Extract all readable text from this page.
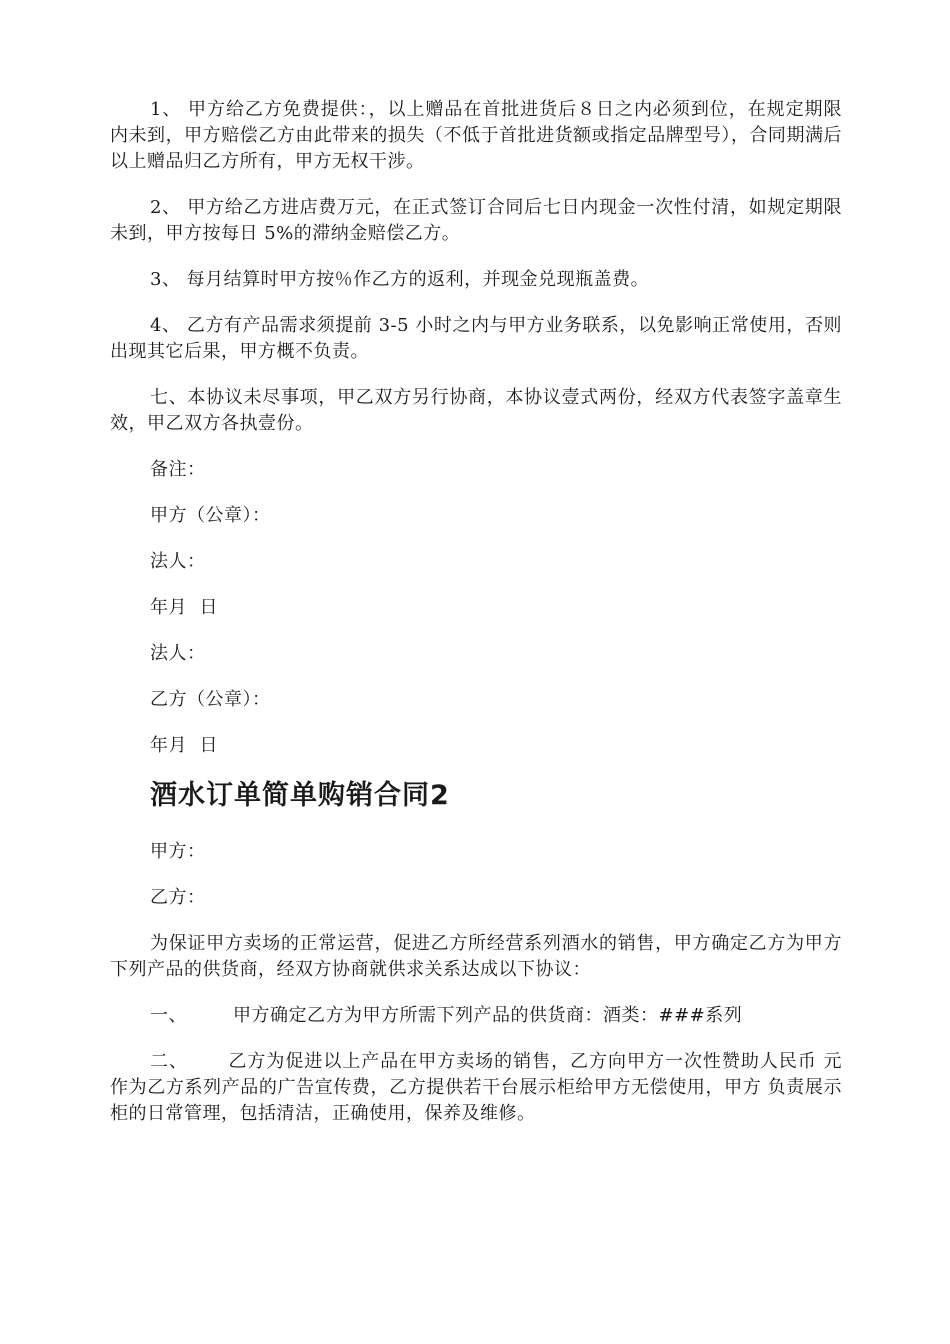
1、 甲方给乙方免费提供：，以上赠品在首批进货后８日之内必须到位，在规定期限内未到，甲方赔偿乙方由此带来的损失（不低于首批进货额或指定品牌型号），合同期满后以上赠品归乙方所有，甲方无权干涉。

2、 甲方给乙方进店费万元，在正式签订合同后七日内现金一次性付清，如规定期限未到，甲方按每日 5%的滞纳金赔偿乙方。

3、 每月结算时甲方按％作乙方的返利，并现金兑现瓶盖费。

4、 乙方有产品需求须提前 3-5 小时之内与甲方业务联系，以免影响正常使用，否则出现其它后果，甲方概不负责。

七、本协议未尽事项，甲乙双方另行协商，本协议壹式两份，经双方代表签字盖章生效，甲乙双方各执壹份。

备注：

甲方（公章）：

法人：

年月  日

法人：

乙方（公章）：

年月  日

酒水订单简单购销合同2

甲方：

乙方：

为保证甲方卖场的正常运营，促进乙方所经营系列酒水的销售，甲方确定乙方为甲方下列产品的供货商，经双方协商就供求关系达成以下协议：

一、	甲方确定乙方为甲方所需下列产品的供货商：酒类：###系列

二、 乙方为促进以上产品在甲方卖场的销售，乙方向甲方一次性赞助人民币 元作为乙方系列产品的广告宣传费，乙方提供若干台展示柜给甲方无偿使用，甲方 负责展示柜的日常管理，包括清洁，正确使用，保养及维修。
